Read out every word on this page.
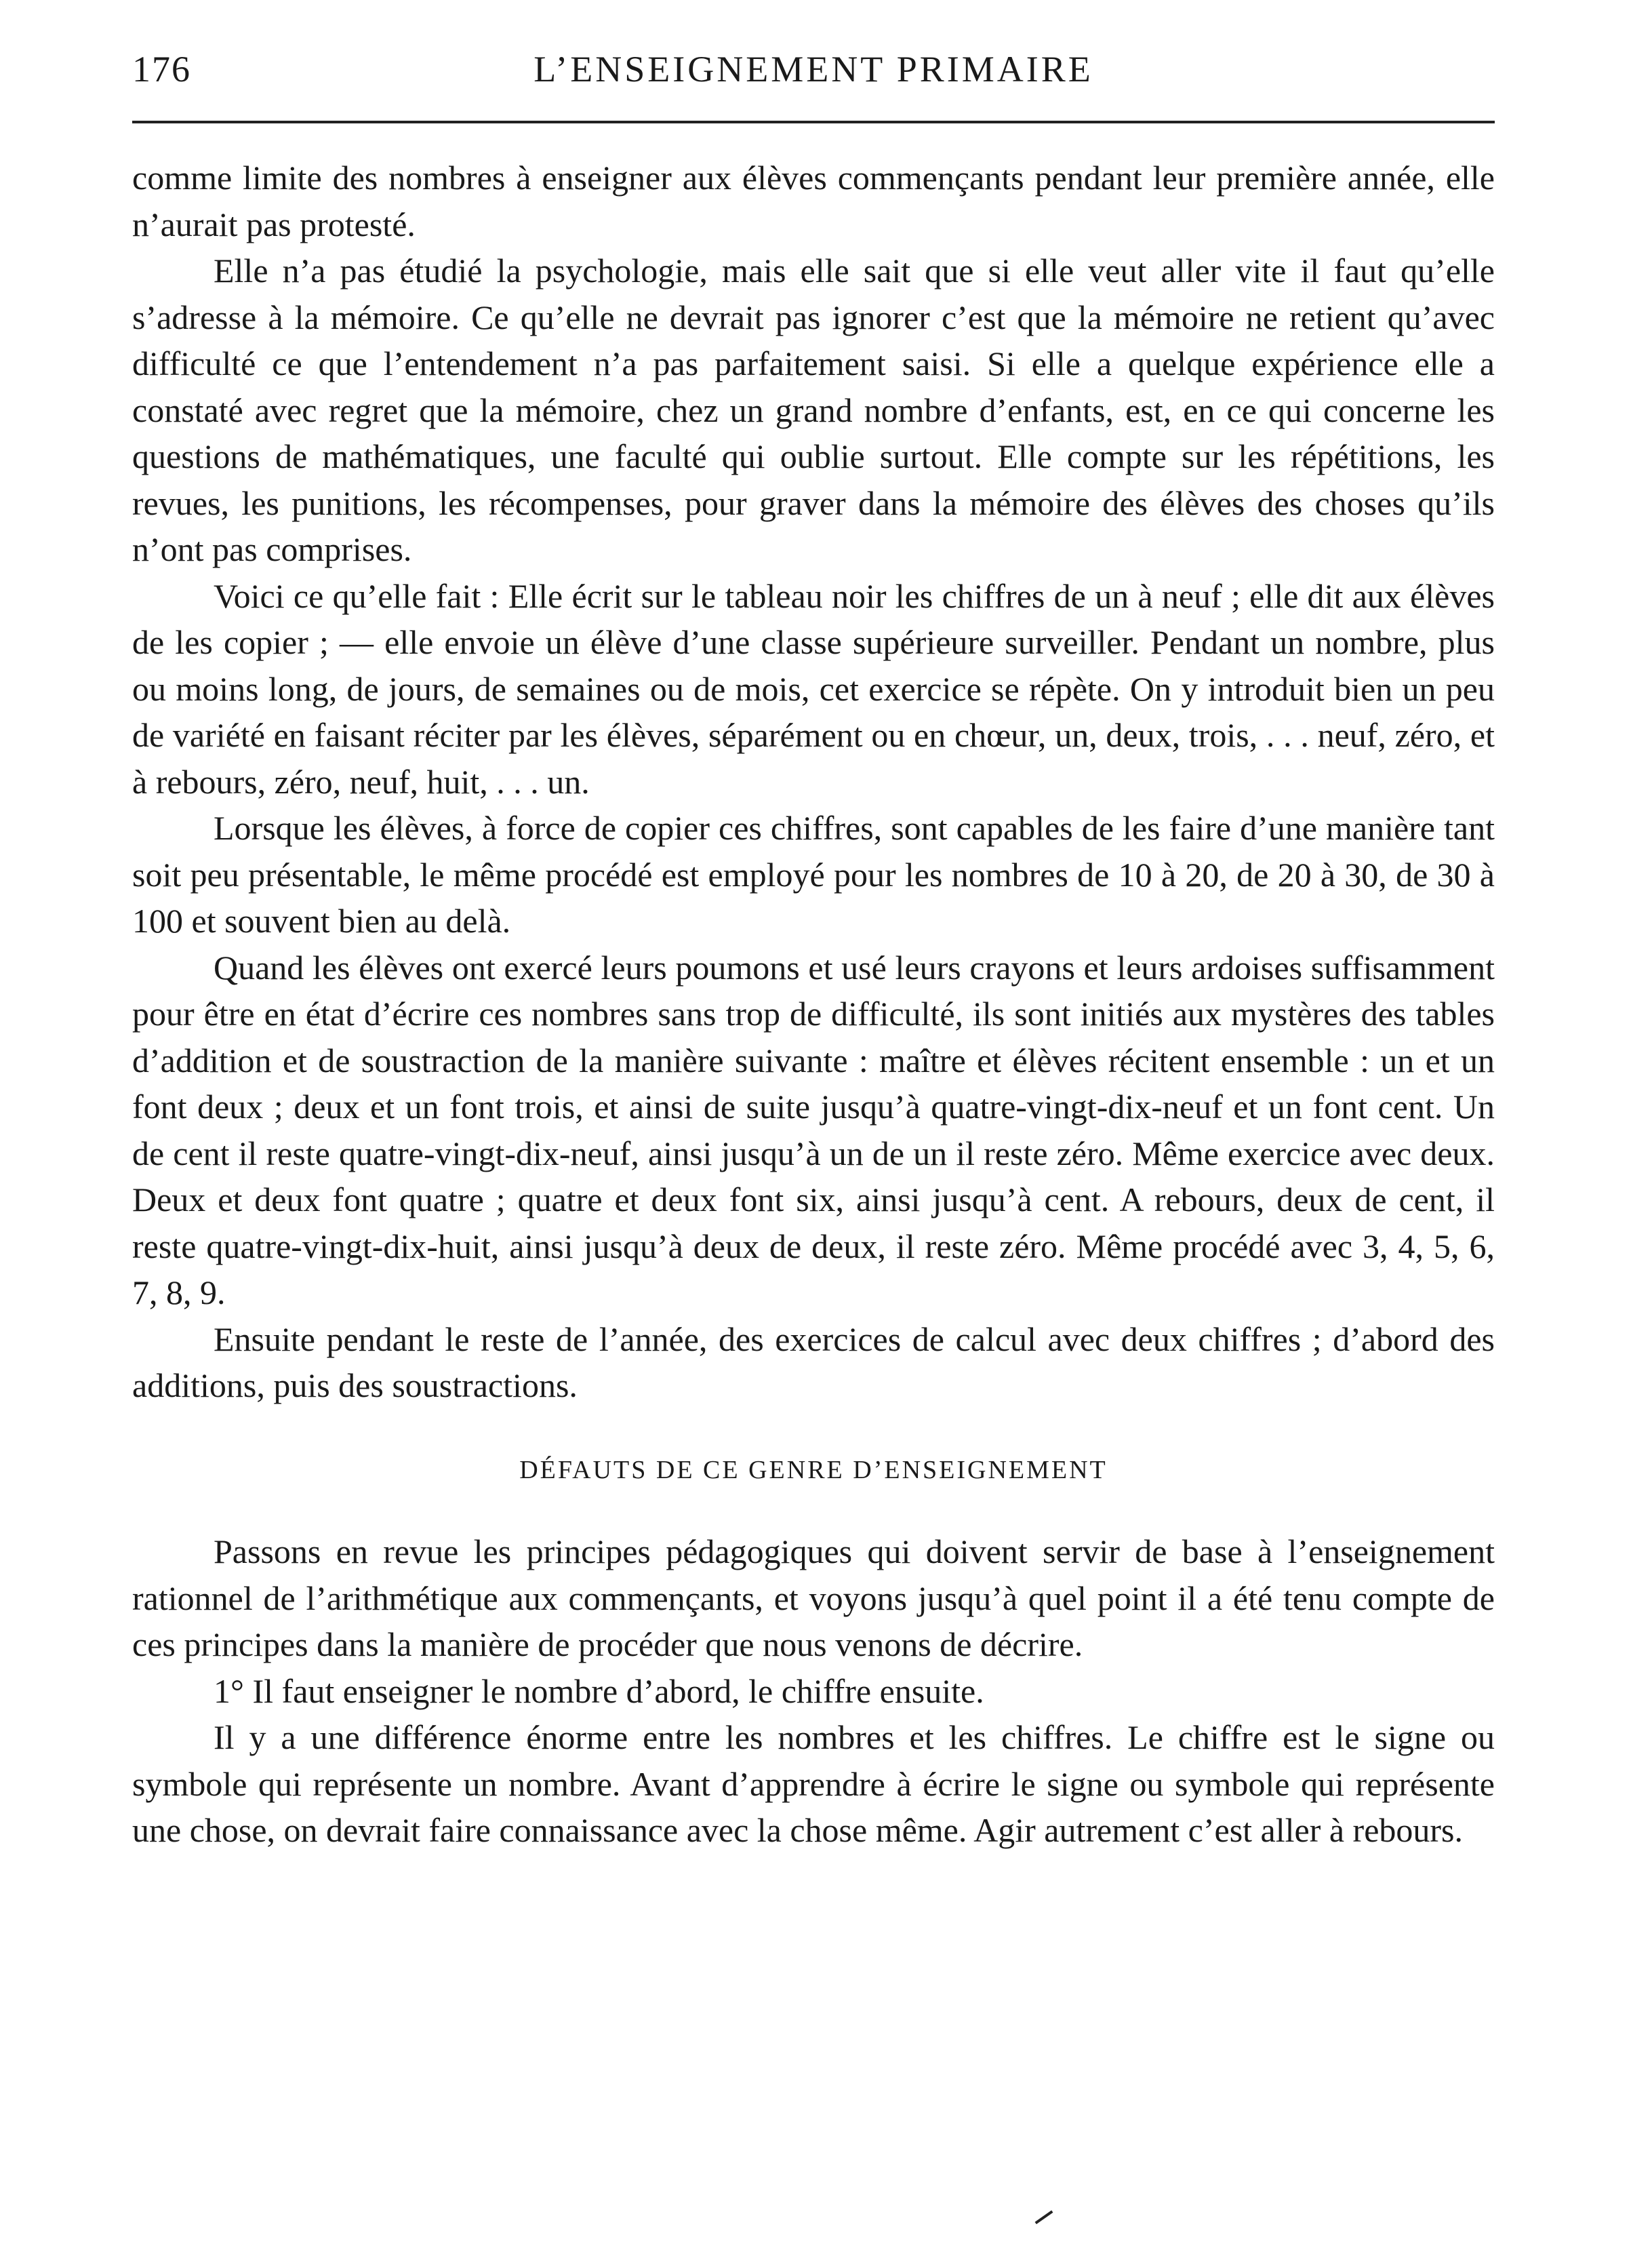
176	L’ENSEIGNEMENT PRIMAIRE

comme limite des nombres à enseigner aux élèves commençants pendant leur première année, elle n’aurait pas protesté.

Elle n’a pas étudié la psychologie, mais elle sait que si elle veut aller vite il faut qu’elle s’adresse à la mémoire. Ce qu’elle ne devrait pas ignorer c’est que la mémoire ne retient qu’avec difficulté ce que l’entendement n’a pas parfaitement saisi. Si elle a quelque expérience elle a constaté avec regret que la mémoire, chez un grand nombre d’enfants, est, en ce qui concerne les questions de mathématiques, une faculté qui oublie surtout. Elle compte sur les répétitions, les revues, les punitions, les récompenses, pour graver dans la mémoire des élèves des choses qu’ils n’ont pas comprises.

Voici ce qu’elle fait : Elle écrit sur le tableau noir les chiffres de un à neuf ; elle dit aux élèves de les copier ; — elle envoie un élève d’une classe supérieure surveiller. Pendant un nombre, plus ou moins long, de jours, de semaines ou de mois, cet exercice se répète. On y introduit bien un peu de variété en faisant réciter par les élèves, séparément ou en chœur, un, deux, trois, . . . neuf, zéro, et à rebours, zéro, neuf, huit, . . . un.

Lorsque les élèves, à force de copier ces chiffres, sont capables de les faire d’une manière tant soit peu présentable, le même procédé est employé pour les nombres de 10 à 20, de 20 à 30, de 30 à 100 et souvent bien au delà.

Quand les élèves ont exercé leurs poumons et usé leurs crayons et leurs ardoises suffisamment pour être en état d’écrire ces nombres sans trop de difficulté, ils sont initiés aux mystères des tables d’addition et de soustraction de la manière suivante : maître et élèves récitent ensemble : un et un font deux ; deux et un font trois, et ainsi de suite jusqu’à quatre-vingt-dix-neuf et un font cent. Un de cent il reste quatre-vingt-dix-neuf, ainsi jusqu’à un de un il reste zéro. Même exercice avec deux. Deux et deux font quatre ; quatre et deux font six, ainsi jusqu’à cent. A rebours, deux de cent, il reste quatre-vingt-dix-huit, ainsi jusqu’à deux de deux, il reste zéro. Même procédé avec 3, 4, 5, 6, 7, 8, 9.

Ensuite pendant le reste de l’année, des exercices de calcul avec deux chiffres ; d’abord des additions, puis des soustractions.

DÉFAUTS DE CE GENRE D’ENSEIGNEMENT

Passons en revue les principes pédagogiques qui doivent servir de base à l’enseignement rationnel de l’arithmétique aux commençants, et voyons jusqu’à quel point il a été tenu compte de ces principes dans la manière de procéder que nous venons de décrire.

1° Il faut enseigner le nombre d’abord, le chiffre ensuite.

Il y a une différence énorme entre les nombres et les chiffres. Le chiffre est le signe ou symbole qui représente un nombre. Avant d’apprendre à écrire le signe ou symbole qui représente une chose, on devrait faire connaissance avec la chose même. Agir autrement c’est aller à rebours.
